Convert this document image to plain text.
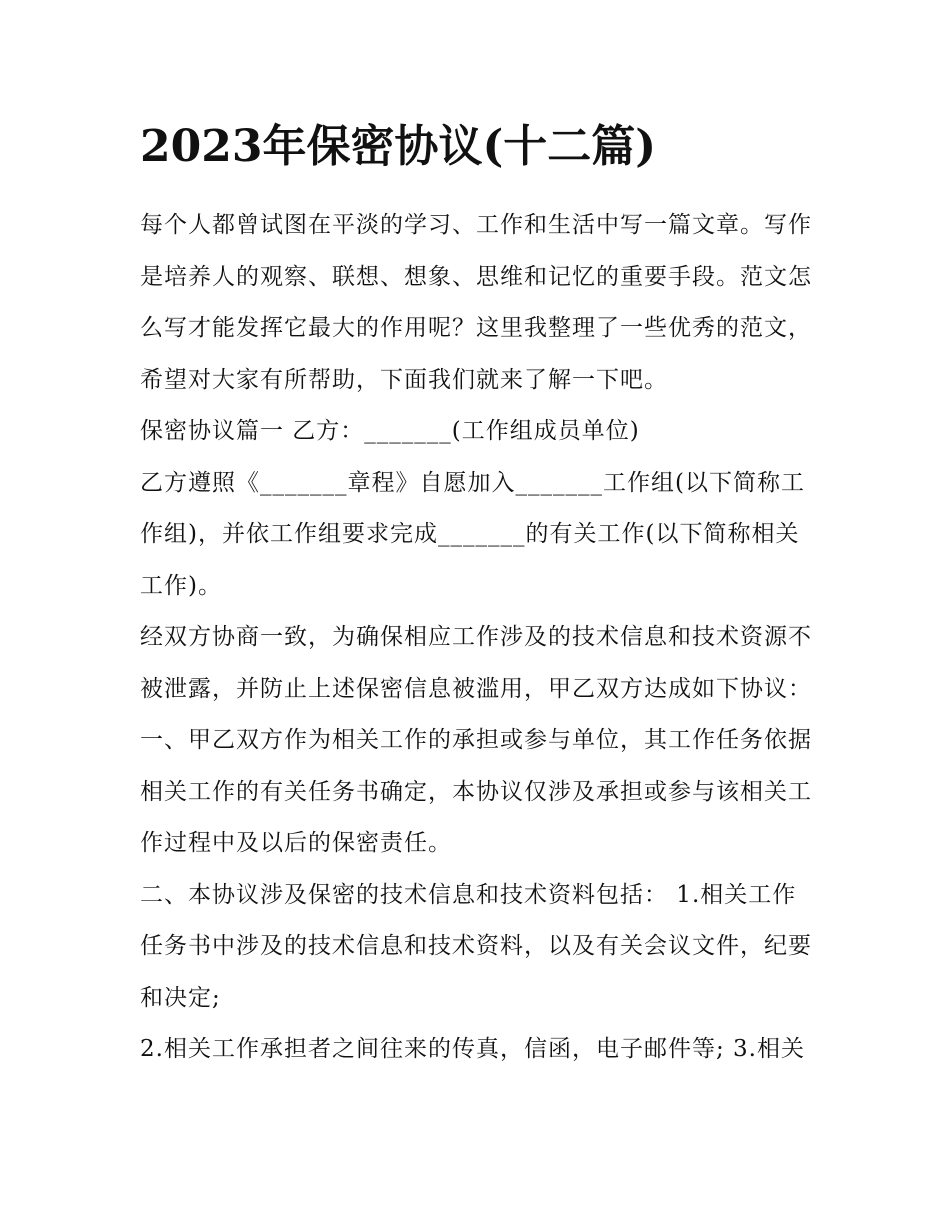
2023年保密协议(十二篇)

每个人都曾试图在平淡的学习、工作和生活中写一篇文章。写作是培养人的观察、联想、想象、思维和记忆的重要手段。范文怎么写才能发挥它最大的作用呢？这里我整理了一些优秀的范文，希望对大家有所帮助，下面我们就来了解一下吧。

保密协议篇一 乙方：_______(工作组成员单位)

乙方遵照《_______章程》自愿加入_______工作组(以下简称工作组)，并依工作组要求完成_______的有关工作(以下简称相关工作)。

经双方协商一致，为确保相应工作涉及的技术信息和技术资源不被泄露，并防止上述保密信息被滥用，甲乙双方达成如下协议：

一、甲乙双方作为相关工作的承担或参与单位，其工作任务依据相关工作的有关任务书确定，本协议仅涉及承担或参与该相关工作过程中及以后的保密责任。

二、本协议涉及保密的技术信息和技术资料包括： 1.相关工作任务书中涉及的技术信息和技术资料，以及有关会议文件，纪要和决定;

2.相关工作承担者之间往来的传真，信函，电子邮件等; 3.相关
